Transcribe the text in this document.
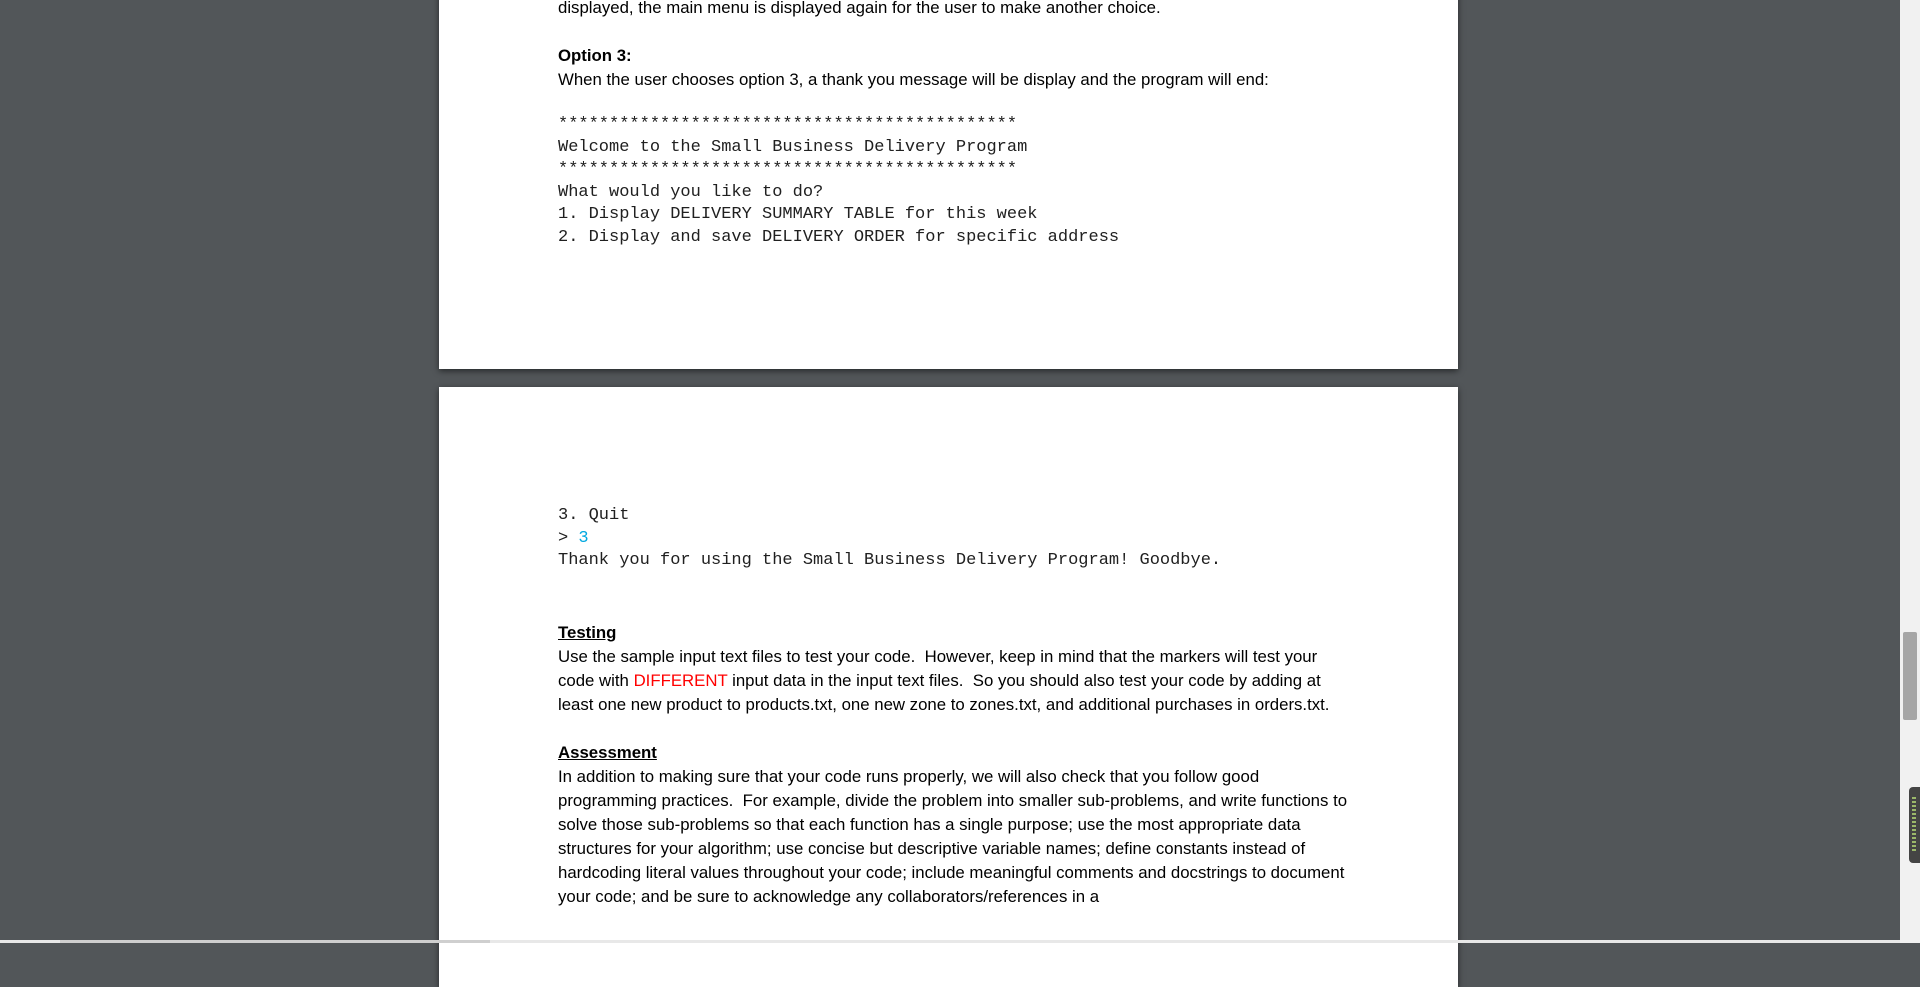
displayed, the main menu is displayed again for the user to make another choice.

Option 3:

When the user chooses option 3, a thank you message will be display and the program will end:

*********************************************

Welcome to the Small Business Delivery Program

*********************************************

What would you like to do?

1. Display DELIVERY SUMMARY TABLE for this week

2. Display and save DELIVERY ORDER for specific address

3. Quit

> 3

Thank you for using the Small Business Delivery Program! Goodbye.

Testing

Use the sample input text files to test your code.  However, keep in mind that the markers will test your code with DIFFERENT input data in the input text files.  So you should also test your code by adding at least one new product to products.txt, one new zone to zones.txt, and additional purchases in orders.txt.

Assessment

In addition to making sure that your code runs properly, we will also check that you follow good programming practices.  For example, divide the problem into smaller sub-problems, and write functions to solve those sub-problems so that each function has a single purpose; use the most appropriate data structures for your algorithm; use concise but descriptive variable names; define constants instead of hardcoding literal values throughout your code; include meaningful comments and docstrings to document your code; and be sure to acknowledge any collaborators/references in a
